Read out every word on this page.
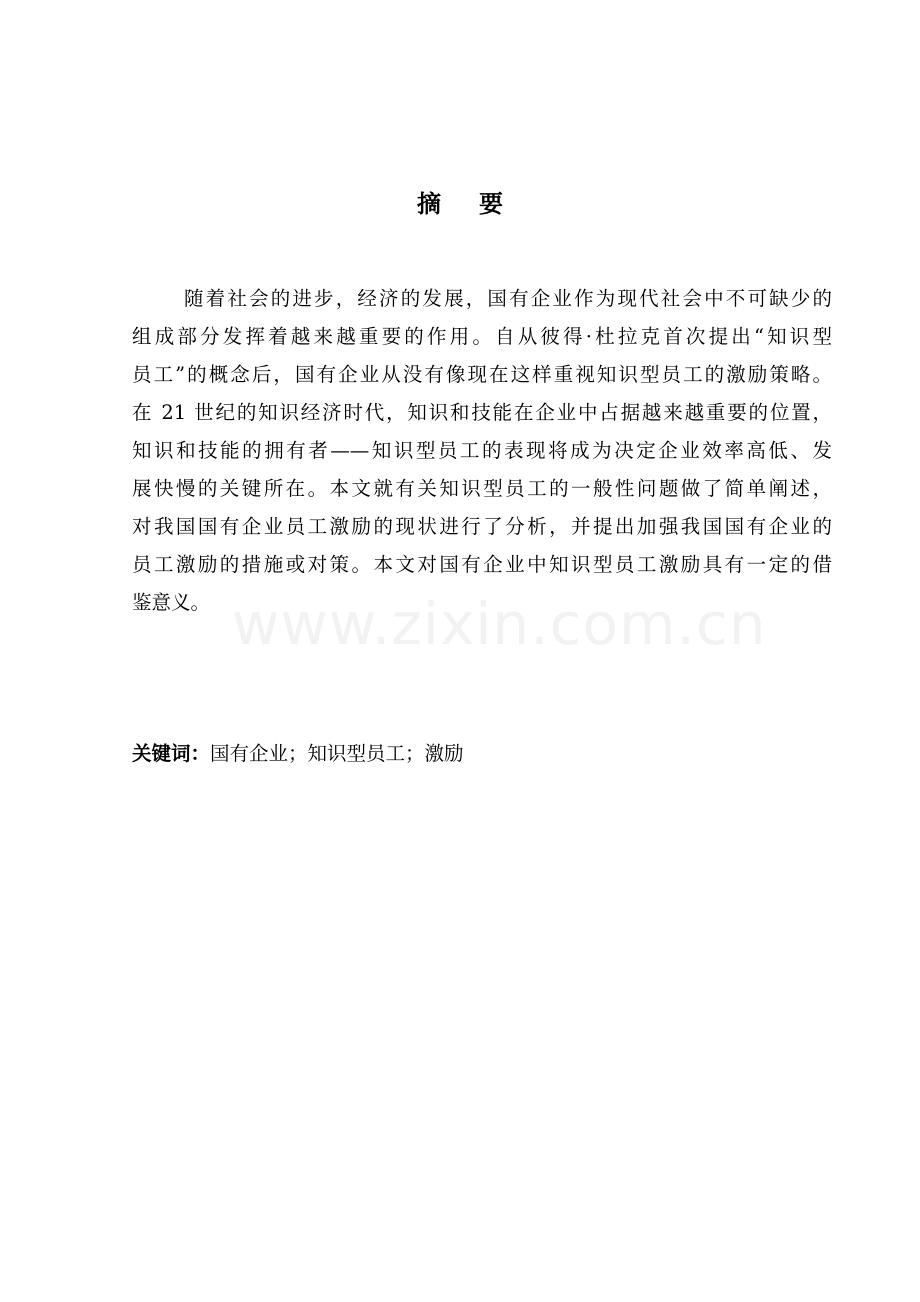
www.zixin.com.cn
摘 要
随着社会的进步，经济的发展，国有企业作为现代社会中不可缺少的
组成部分发挥着越来越重要的作用。自从彼得·杜拉克首次提出“知识型
员工”的概念后，国有企业从没有像现在这样重视知识型员工的激励策略。
在 21 世纪的知识经济时代，知识和技能在企业中占据越来越重要的位置，
知识和技能的拥有者——知识型员工的表现将成为决定企业效率高低、发
展快慢的关键所在。本文就有关知识型员工的一般性问题做了简单阐述，
对我国国有企业员工激励的现状进行了分析，并提出加强我国国有企业的
员工激励的措施或对策。本文对国有企业中知识型员工激励具有一定的借
鉴意义。
关键词：国有企业；知识型员工；激励
